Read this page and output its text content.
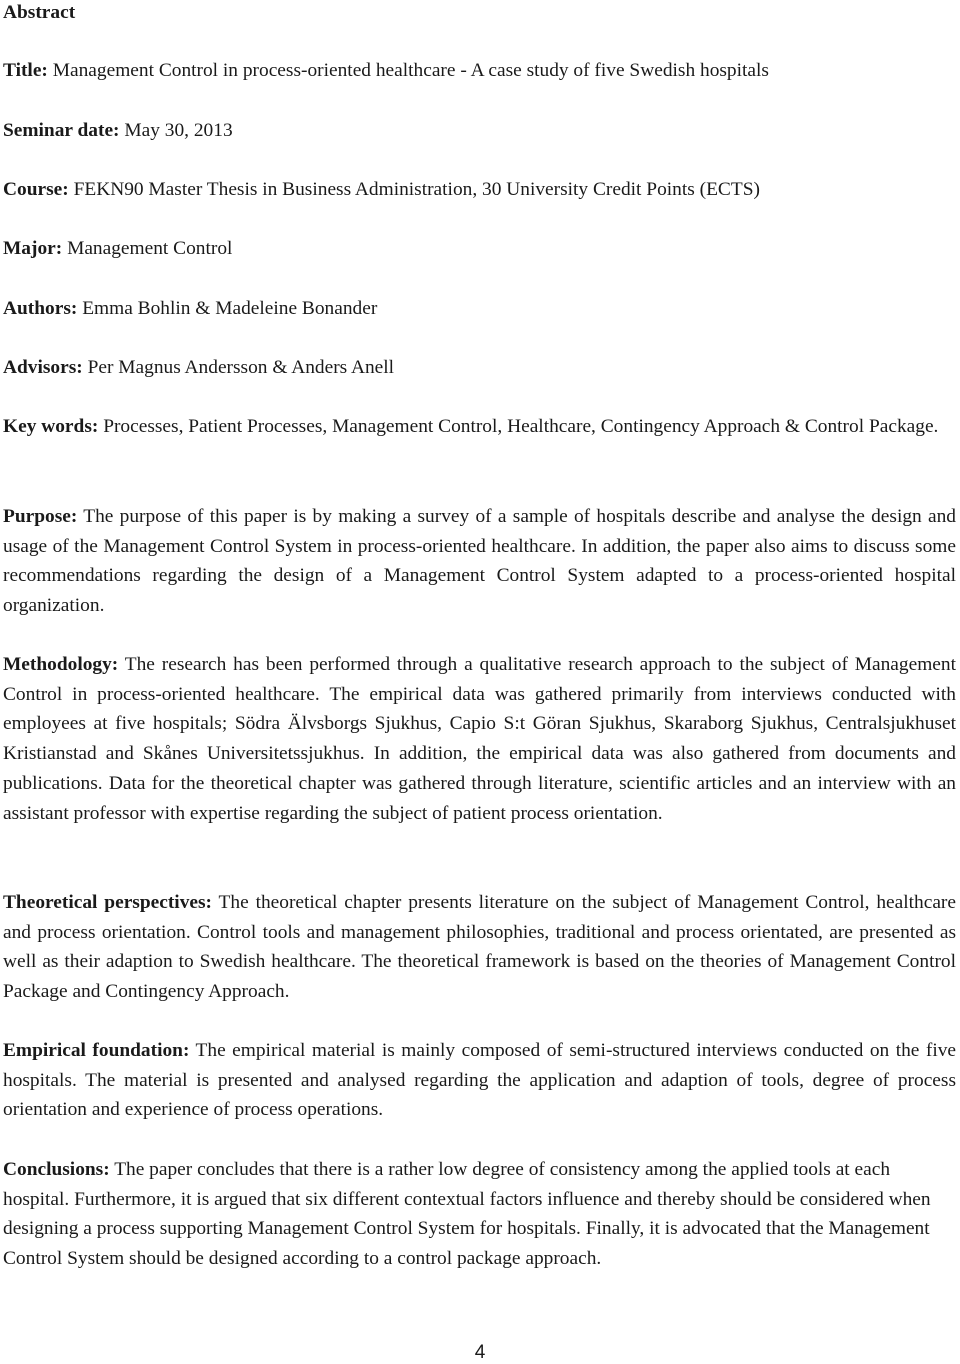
Abstract

Title: Management Control in process-oriented healthcare - A case study of five Swedish hospitals

Seminar date: May 30, 2013

Course: FEKN90 Master Thesis in Business Administration, 30 University Credit Points (ECTS)

Major: Management Control

Authors: Emma Bohlin & Madeleine Bonander

Advisors: Per Magnus Andersson & Anders Anell

Key words: Processes, Patient Processes, Management Control, Healthcare, Contingency Approach & Control Package.

Purpose: The purpose of this paper is by making a survey of a sample of hospitals describe and analyse the design and usage of the Management Control System in process-oriented healthcare. In addition, the paper also aims to discuss some recommendations regarding the design of a Management Control System adapted to a process-oriented hospital organization.

Methodology: The research has been performed through a qualitative research approach to the subject of Management Control in process-oriented healthcare. The empirical data was gathered primarily from interviews conducted with employees at five hospitals; Södra Älvsborgs Sjukhus, Capio S:t Göran Sjukhus, Skaraborg Sjukhus, Centralsjukhuset Kristianstad and Skånes Universitetssjukhus. In addition, the empirical data was also gathered from documents and publications. Data for the theoretical chapter was gathered through literature, scientific articles and an interview with an assistant professor with expertise regarding the subject of patient process orientation.

Theoretical perspectives: The theoretical chapter presents literature on the subject of Management Control, healthcare and process orientation. Control tools and management philosophies, traditional and process orientated, are presented as well as their adaption to Swedish healthcare. The theoretical framework is based on the theories of Management Control Package and Contingency Approach.

Empirical foundation: The empirical material is mainly composed of semi-structured interviews conducted on the five hospitals. The material is presented and analysed regarding the application and adaption of tools, degree of process orientation and experience of process operations.

Conclusions: The paper concludes that there is a rather low degree of consistency among the applied tools at each hospital. Furthermore, it is argued that six different contextual factors influence and thereby should be considered when designing a process supporting Management Control System for hospitals. Finally, it is advocated that the Management Control System should be designed according to a control package approach.

4
